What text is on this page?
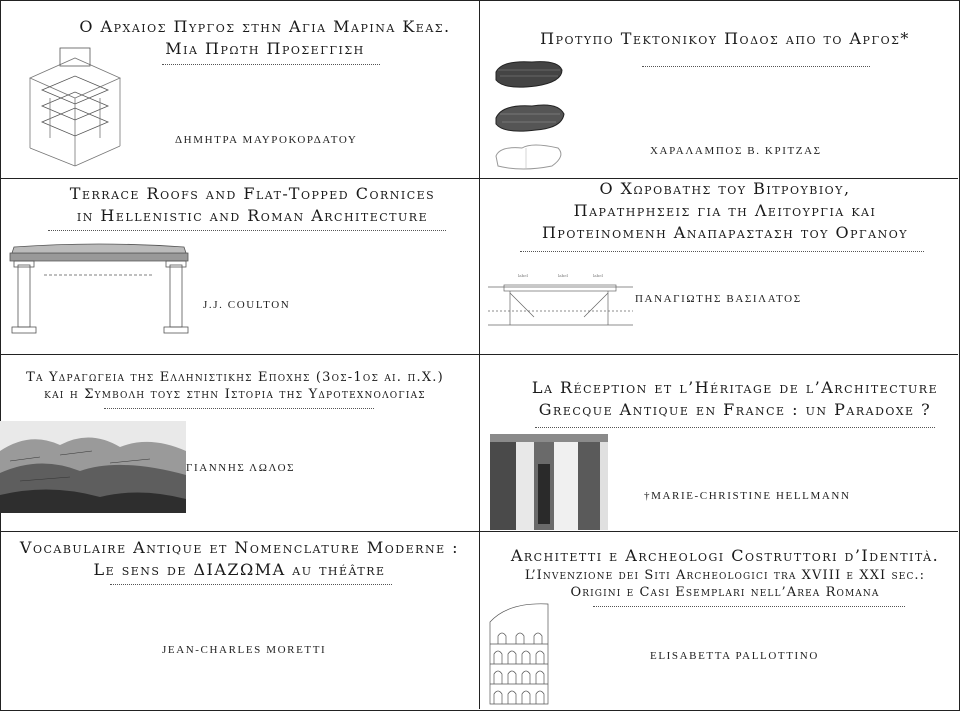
Ο Αρχαιος Πυργος στην Αγια Μαρινα Κεας.
Μια Πρωτη Προσεγγιση
ΔΗΜΗΤΡΑ ΜΑΥΡΟΚΟΡΔΑΤΟΥ
Προτυπο Τεκτονικου Ποδος απο το Αργος*
ΧΑΡΑΛΑΜΠΟΣ Β. ΚΡΙΤΖΑΣ
Terrace Roofs and Flat-Topped Cornices
in Hellenistic and Roman Architecture
J.J. COULTON
label	label	label
Ο Χωροβατης του Βιτρουβιου,
Παρατηρησεις για τη Λειτουργια και
Προτεινομενη Αναπαρασταση του Οργανου
ΠΑΝΑΓΙΩΤΗΣ ΒΑΣΙΛΑΤΟΣ
Τα Υδραγωγεια της Ελληνιστικης Εποχης (3ος-1ος αι. π.Χ.)
και η Συμβολη τους στην Ιστορια της Υδροτεχνολογιας
ΓΙΑΝΝΗΣ ΛΩΛΟΣ
La Réception et l’Héritage de l’Architecture
Grecque Antique en France : un Paradoxe ?
†MARIE-CHRISTINE HELLMANN
Vocabulaire Antique et Nomenclature Moderne :
Le sens de ΔΙΑΖΩΜΑ au théâtre
JEAN-CHARLES MORETTI
Architetti e Archeologi Costruttori d’Identità.
L’Invenzione dei Siti Archeologici tra XVIII e XXI sec.:
Origini e Casi Esemplari nell’Area Romana
ELISABETTA PALLOTTINO
